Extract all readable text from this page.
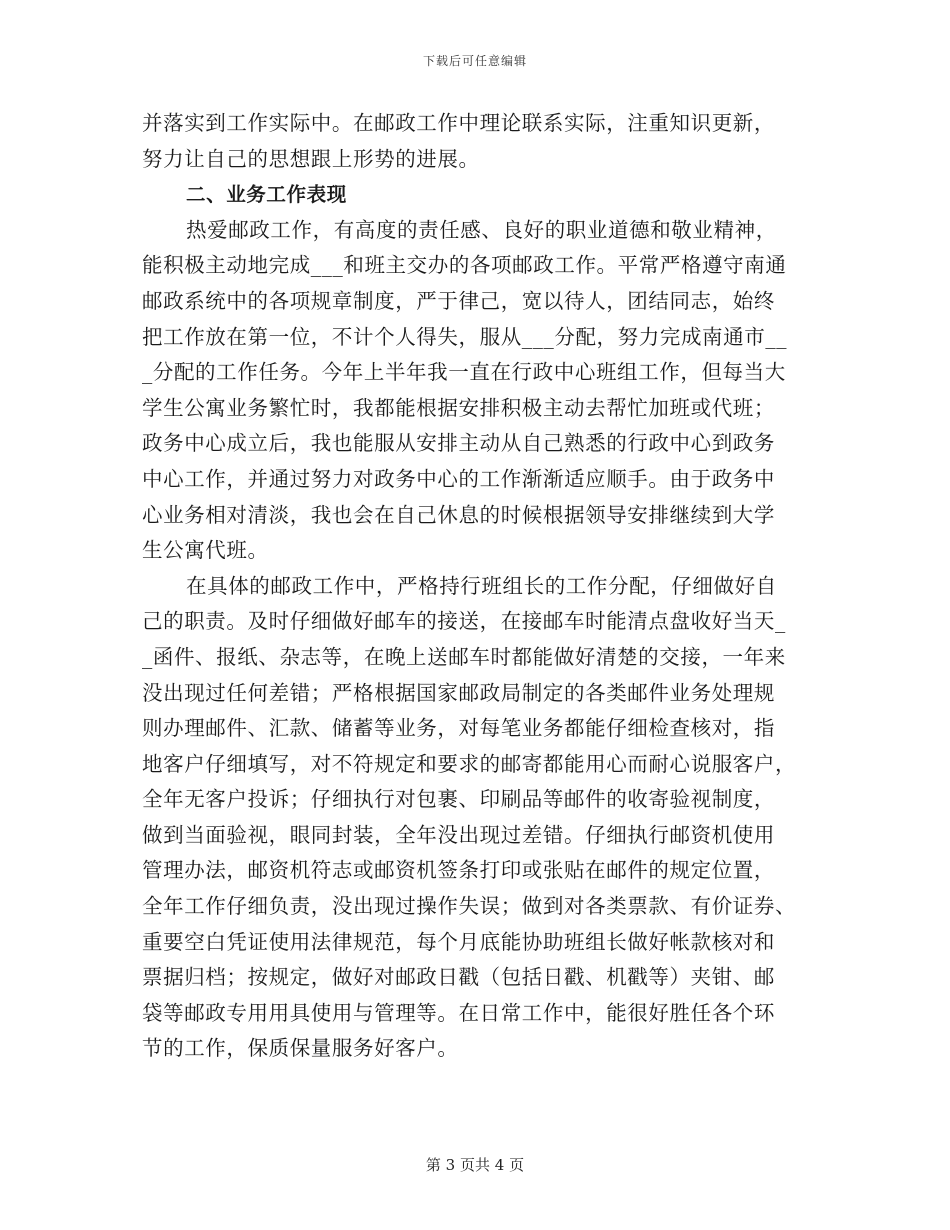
下载后可任意编辑
并落实到工作实际中。在邮政工作中理论联系实际，注重知识更新，
努力让自己的思想跟上形势的进展。
二、业务工作表现
热爱邮政工作，有高度的责任感、良好的职业道德和敬业精神，
能积极主动地完成___和班主交办的各项邮政工作。平常严格遵守南通
邮政系统中的各项规章制度，严于律己，宽以待人，团结同志，始终
把工作放在第一位，不计个人得失，服从___分配，努力完成南通市__
_分配的工作任务。今年上半年我一直在行政中心班组工作，但每当大
学生公寓业务繁忙时，我都能根据安排积极主动去帮忙加班或代班；
政务中心成立后，我也能服从安排主动从自己熟悉的行政中心到政务
中心工作，并通过努力对政务中心的工作渐渐适应顺手。由于政务中
心业务相对清淡，我也会在自己休息的时候根据领导安排继续到大学
生公寓代班。
在具体的邮政工作中，严格持行班组长的工作分配，仔细做好自
己的职责。及时仔细做好邮车的接送，在接邮车时能清点盘收好当天_
_函件、报纸、杂志等，在晚上送邮车时都能做好清楚的交接，一年来
没出现过任何差错；严格根据国家邮政局制定的各类邮件业务处理规
则办理邮件、汇款、储蓄等业务，对每笔业务都能仔细检查核对，指
地客户仔细填写，对不符规定和要求的邮寄都能用心而耐心说服客户，
全年无客户投诉；仔细执行对包裹、印刷品等邮件的收寄验视制度，
做到当面验视，眼同封装，全年没出现过差错。仔细执行邮资机使用
管理办法，邮资机符志或邮资机签条打印或张贴在邮件的规定位置，
全年工作仔细负责，没出现过操作失误；做到对各类票款、有价证券、
重要空白凭证使用法律规范，每个月底能协助班组长做好帐款核对和
票据归档；按规定，做好对邮政日戳（包括日戳、机戳等）夹钳、邮
袋等邮政专用用具使用与管理等。在日常工作中，能很好胜任各个环
节的工作，保质保量服务好客户。
第 3 页共 4 页
